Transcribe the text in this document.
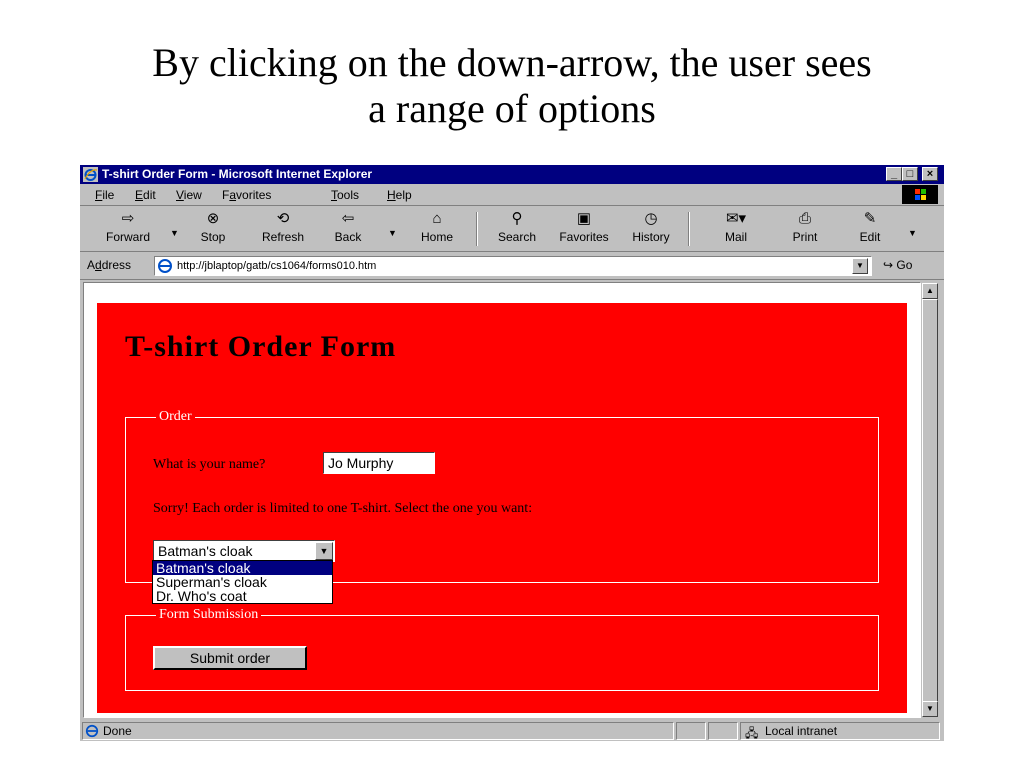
By clicking on the down-arrow, the user sees
a range of options
T-shirt Order Form - Microsoft Internet Explorer	_ □	×
File Edit View Favorites	Tools Help
⇨
Forward	▼
⊗
Stop
⟲
Refresh
⇦
Back	▼
⌂
Home
⚲
Search
▣
Favorites
◷
History
✉▾
Mail
⎙
Print
✎
Edit	▼
Address	http://jblaptop/gatb/cs1064/forms010.htm	▼	↪ Go
T-shirt Order Form
Order
What is your name?	Jo Murphy
Sorry! Each order is limited to one T-shirt. Select the one you want:
Batman's cloak	▼
Form Submission
Submit order
Batman's cloak
Superman's cloak
Dr. Who's coat
▲
▼
Done	🖧 Local intranet
